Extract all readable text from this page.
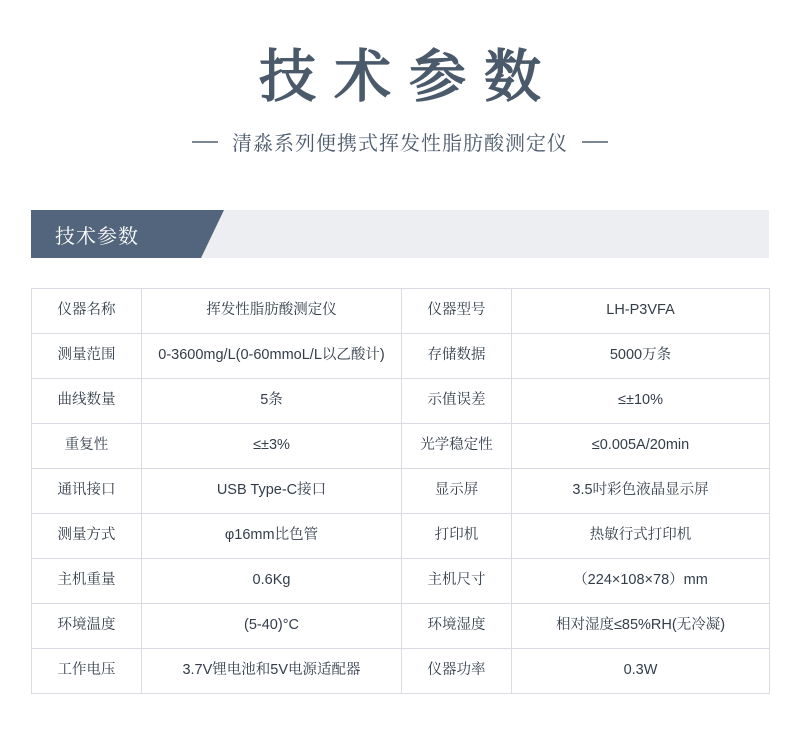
技术参数
清淼系列便携式挥发性脂肪酸测定仪
技术参数
仪器名称	挥发性脂肪酸测定仪	仪器型号	LH-P3VFA
测量范围	0-3600mg/L(0-60mmoL/L以乙酸计)	存储数据	5000万条
曲线数量	5条	示值误差	≤±10%
重复性	≤±3%	光学稳定性	≤0.005A/20min
通讯接口	USB Type-C接口	显示屏	3.5吋彩色液晶显示屏
测量方式	φ16mm比色管	打印机	热敏行式打印机
主机重量	0.6Kg	主机尺寸	（224×108×78）mm
环境温度	(5-40)°C	环境湿度	相对湿度≤85%RH(无冷凝)
工作电压	3.7V锂电池和5V电源适配器	仪器功率	0.3W
